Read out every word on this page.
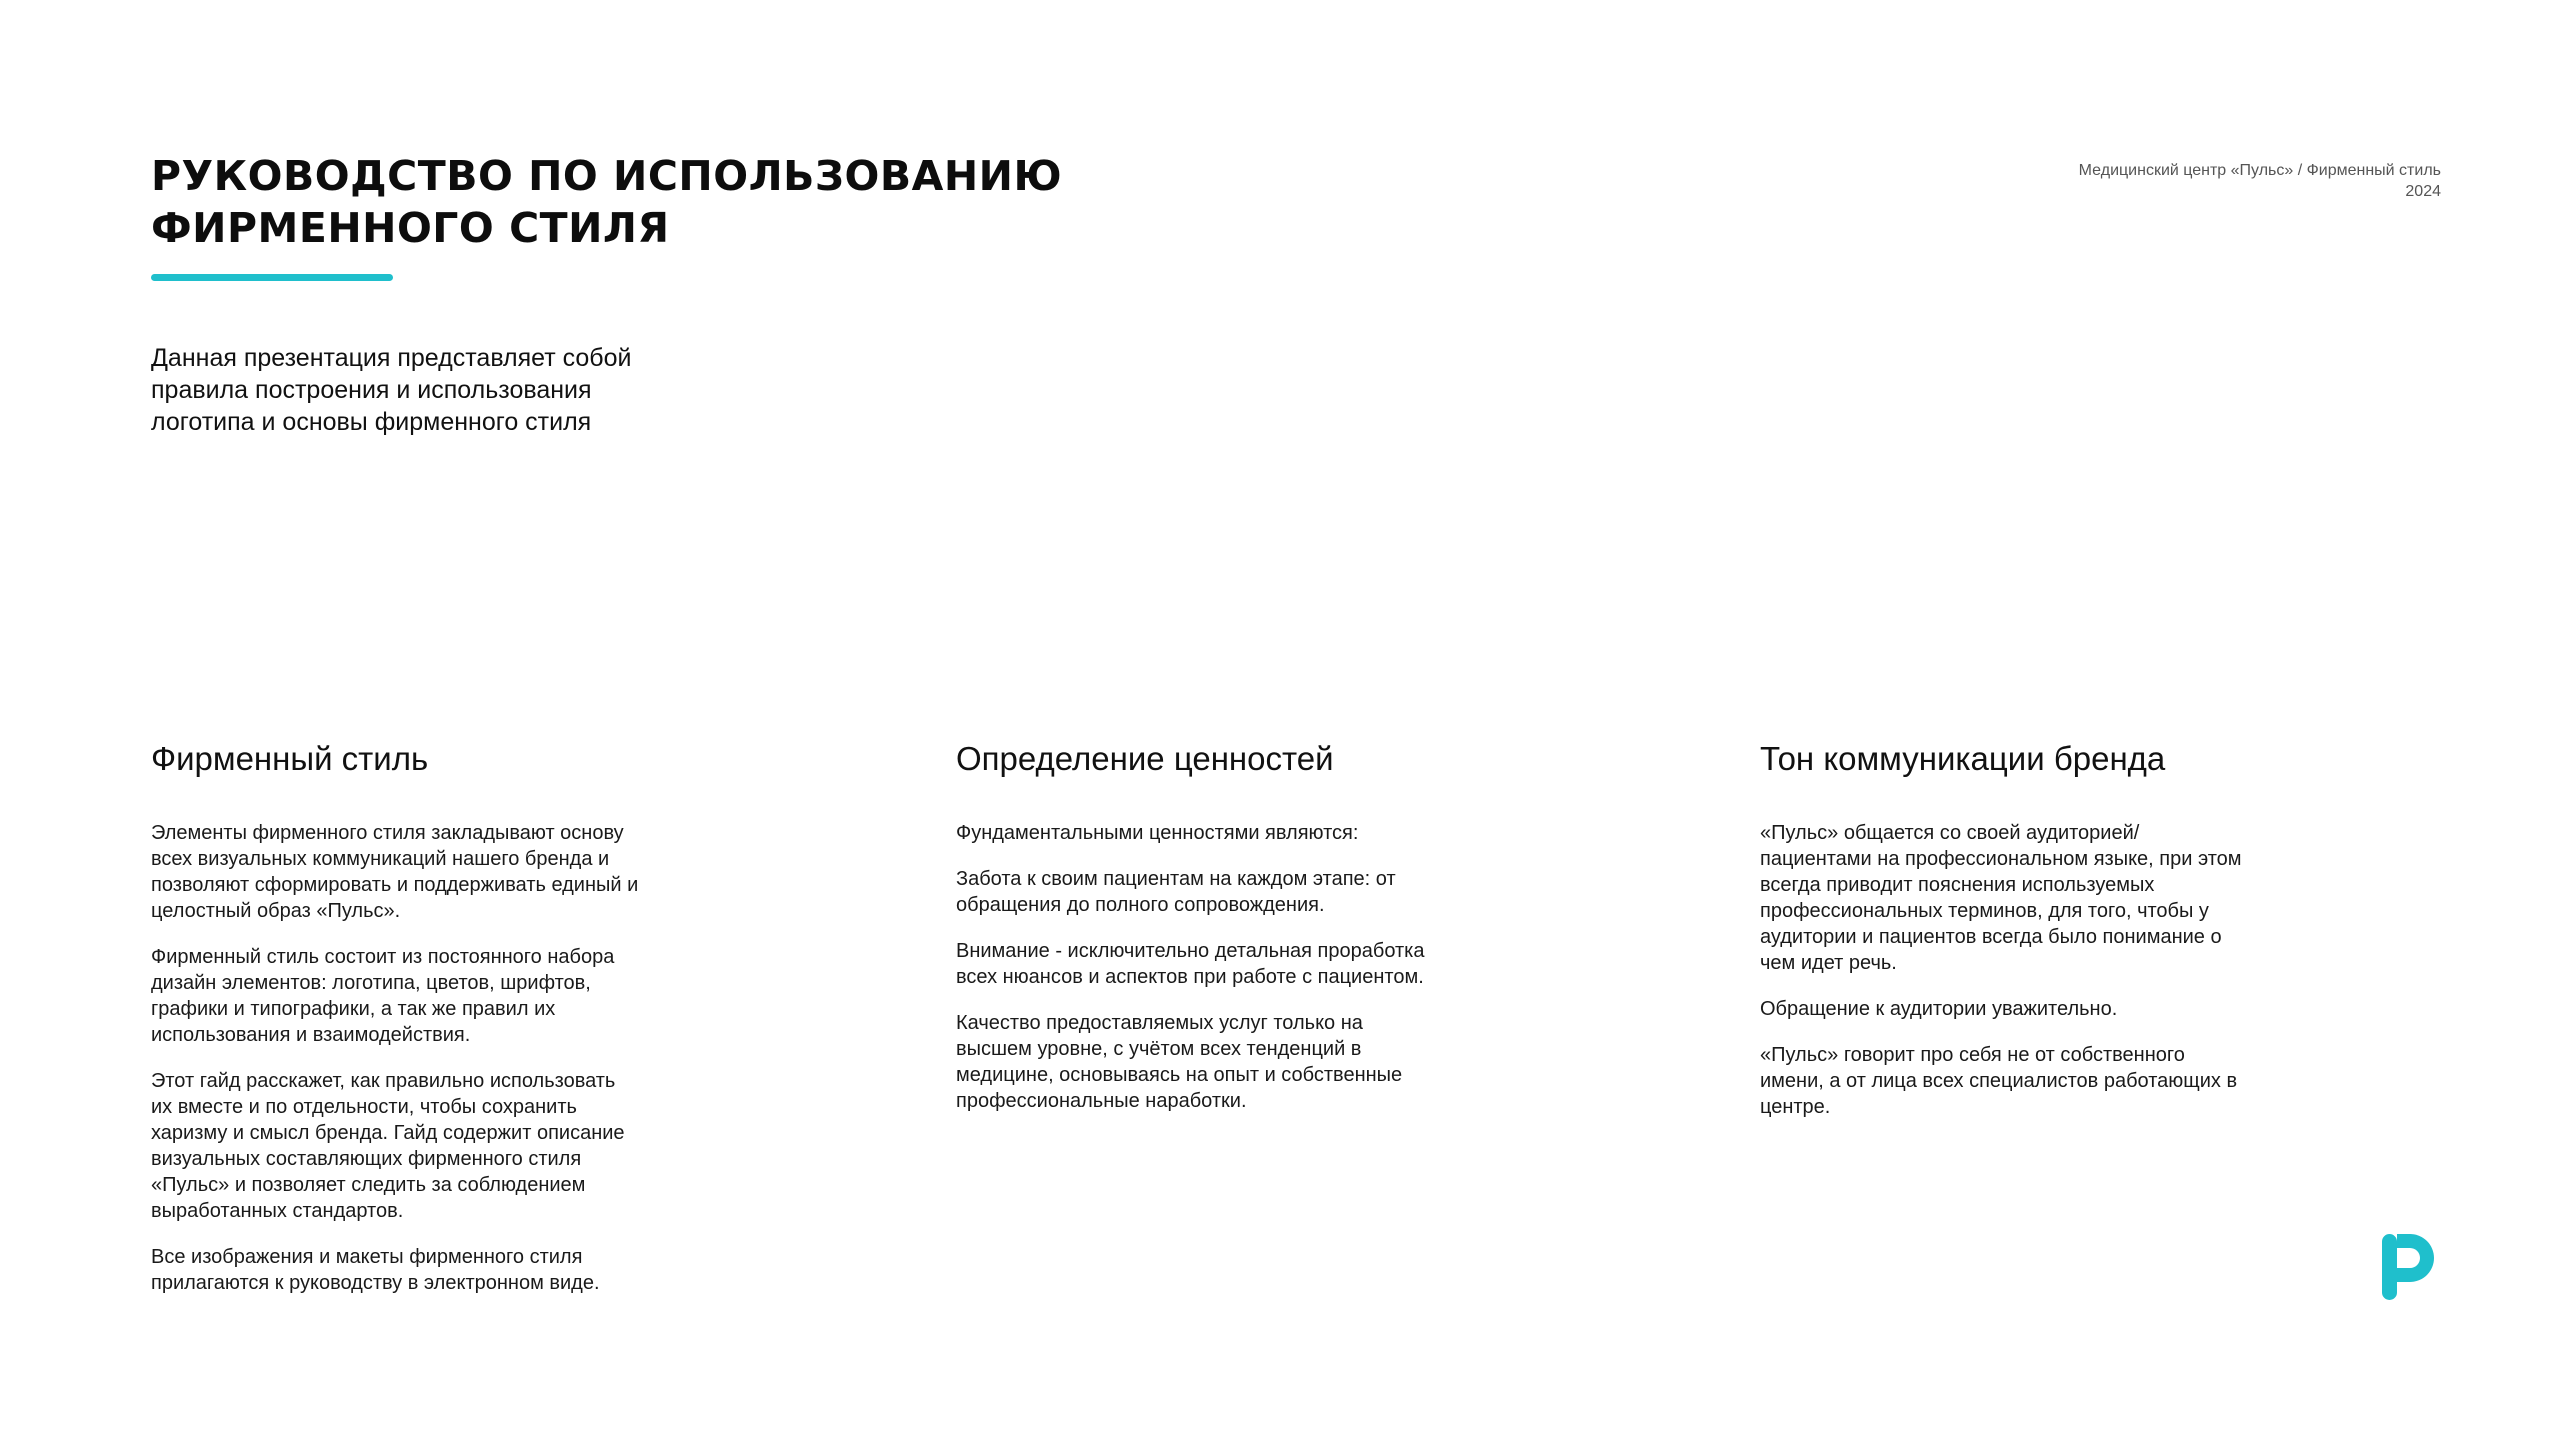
РУКОВОДСТВО ПО ИСПОЛЬЗОВАНИЮ
ФИРМЕННОГО СТИЛЯ
Медицинский центр «Пульс» / Фирменный стиль
2024

Данная презентация представляет собой
правила построения и использования
логотипа и основы фирменного стиля

Фирменный стиль

Элементы фирменного стиля закладывают основу
всех визуальных коммуникаций нашего бренда и
позволяют сформировать и поддерживать единый и
целостный образ «Пульс».

Фирменный стиль состоит из постоянного набора
дизайн элементов: логотипа, цветов, шрифтов,
графики и типографики, а так же правил их
использования и взаимодействия.

Этот гайд расскажет, как правильно использовать
их вместе и по отдельности, чтобы сохранить
харизму и смысл бренда. Гайд содержит описание
визуальных составляющих фирменного стиля
«Пульс» и позволяет следить за соблюдением
выработанных стандартов.

Все изображения и макеты фирменного стиля
прилагаются к руководству в электронном виде.

Определение ценностей

Фундаментальными ценностями являются:

Забота к своим пациентам на каждом этапе: от
обращения до полного сопровождения.

Внимание - исключительно детальная проработка
всех нюансов и аспектов при работе с пациентом.

Качество предоставляемых услуг только на
высшем уровне, с учётом всех тенденций в
медицине, основываясь на опыт и собственные
профессиональные наработки.

Тон коммуникации бренда

«Пульс» общается со своей аудиторией/
пациентами на профессиональном языке, при этом
всегда приводит пояснения используемых
профессиональных терминов, для того, чтобы у
аудитории и пациентов всегда было понимание о
чем идет речь.

Обращение к аудитории уважительно.

«Пульс» говорит про себя не от собственного
имени, а от лица всех специалистов работающих в
центре.
